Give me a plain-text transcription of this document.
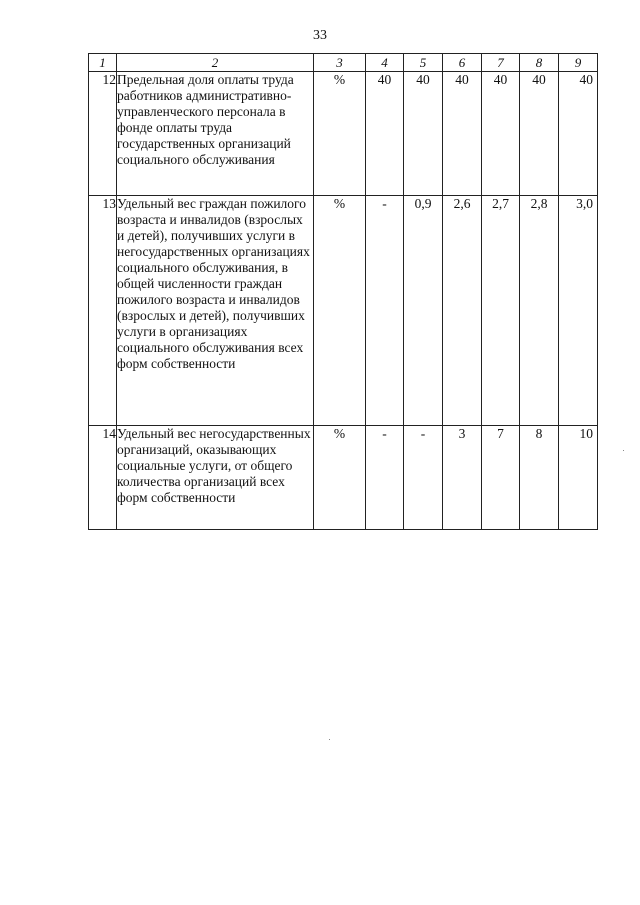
33
1	2	3	4	5	6	7	8	9
12	Предельная доля оплаты труда работников административно-управленческого персонала в фонде оплаты труда государственных организаций социального обслуживания	%	40	40	40	40	40	40
13	Удельный вес граждан пожилого возраста и инвалидов (взрослых и детей), получивших услуги в негосударственных организациях социального обслуживания, в общей численности граждан пожилого возраста и инвалидов (взрослых и детей), получивших услуги в организациях социального обслуживания всех форм собственности	%	-	0,9	2,6	2,7	2,8	3,0
14	Удельный вес негосударственных организаций, оказывающих социальные услуги, от общего количества организаций всех форм собственности	%	-	-	3	7	8	10
